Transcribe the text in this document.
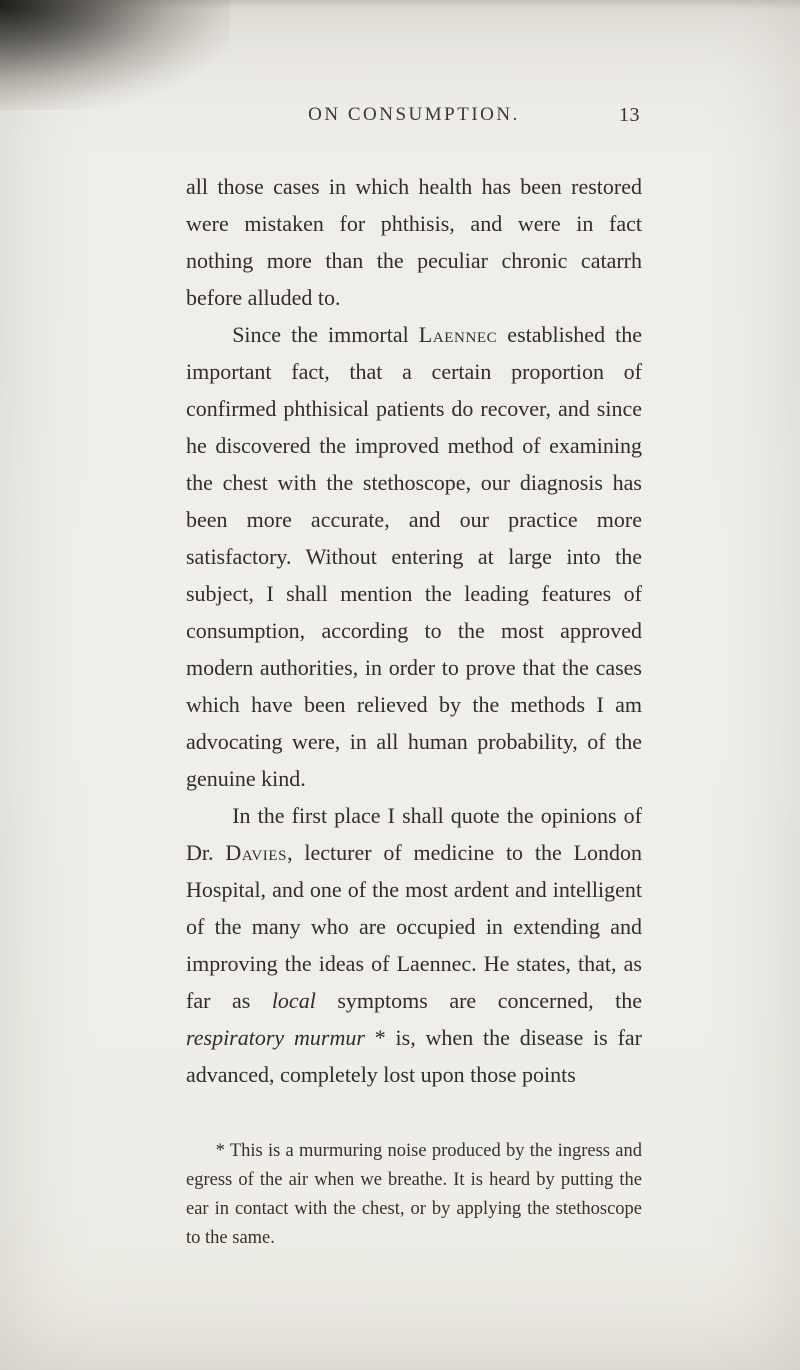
ON CONSUMPTION.	13

all those cases in which health has been restored were mistaken for phthisis, and were in fact nothing more than the peculiar chronic catarrh before alluded to.

Since the immortal Laennec established the important fact, that a certain proportion of confirmed phthisical patients do recover, and since he discovered the improved method of examining the chest with the stethoscope, our diagnosis has been more accurate, and our practice more satisfactory. Without entering at large into the subject, I shall mention the leading features of consumption, according to the most approved modern authorities, in order to prove that the cases which have been relieved by the methods I am advocating were, in all human probability, of the genuine kind.

In the first place I shall quote the opinions of Dr. Davies, lecturer of medicine to the London Hospital, and one of the most ardent and intelligent of the many who are occupied in extending and improving the ideas of Laennec. He states, that, as far as local symptoms are concerned, the respiratory murmur * is, when the disease is far advanced, completely lost upon those points

* This is a murmuring noise produced by the ingress and egress of the air when we breathe. It is heard by putting the ear in contact with the chest, or by applying the stethoscope to the same.
